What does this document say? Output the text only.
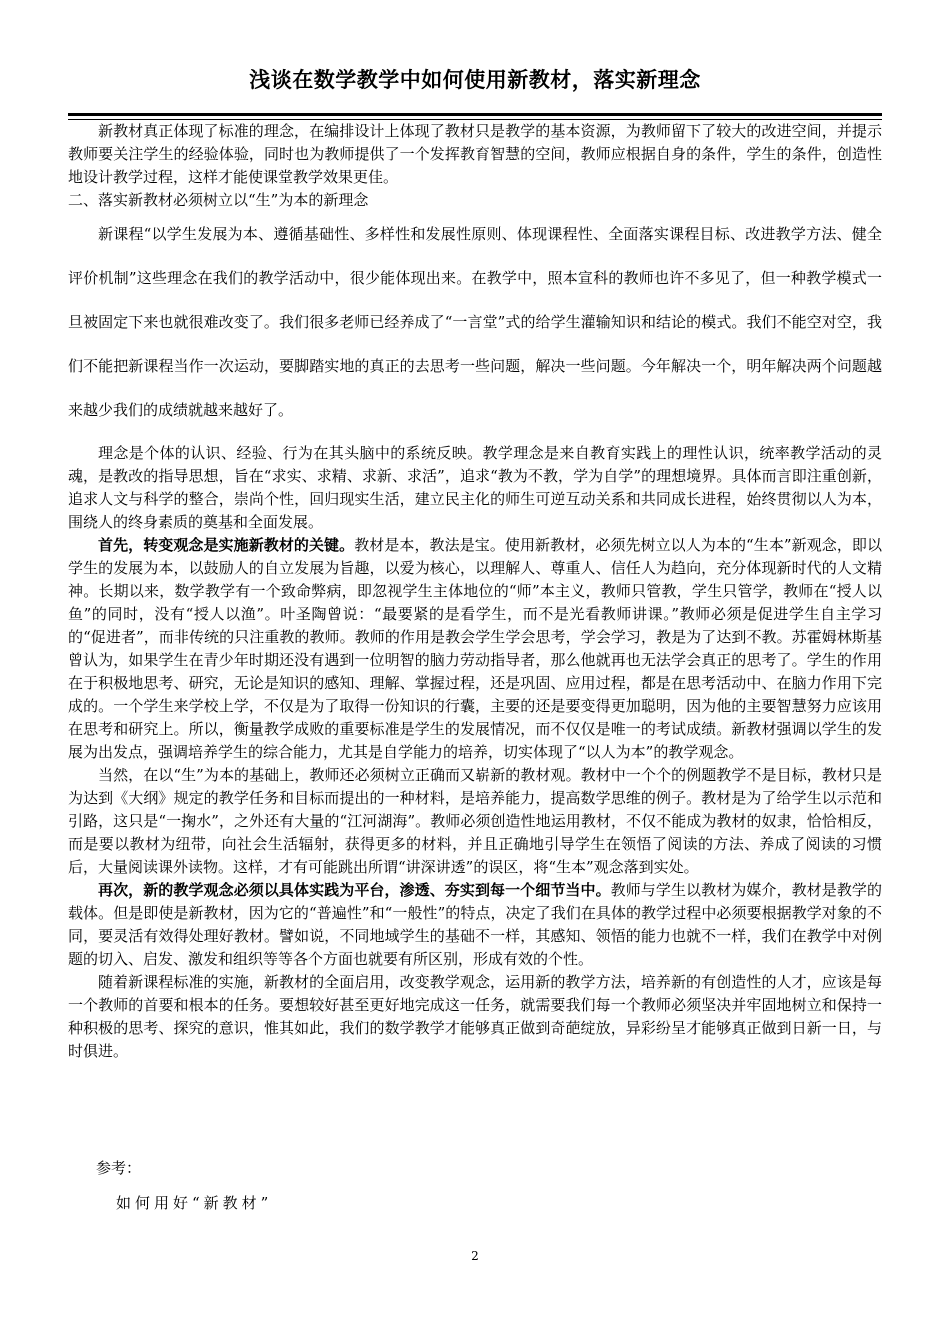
浅谈在数学教学中如何使用新教材，落实新理念

新教材真正体现了标准的理念，在编排设计上体现了教材只是教学的基本资源，为教师留下了较大的改进空间，并提示教师要关注学生的经验体验，同时也为教师提供了一个发挥教育智慧的空间，教师应根据自身的条件，学生的条件，创造性地设计教学过程，这样才能使课堂教学效果更佳。

二、落实新教材必须树立以“生”为本的新理念

新课程“以学生发展为本、遵循基础性、多样性和发展性原则、体现课程性、全面落实课程目标、改进教学方法、健全评价机制”这些理念在我们的教学活动中，很少能体现出来。在教学中，照本宣科的教师也许不多见了，但一种教学模式一旦被固定下来也就很难改变了。我们很多老师已经养成了“一言堂”式的给学生灌输知识和结论的模式。我们不能空对空，我们不能把新课程当作一次运动，要脚踏实地的真正的去思考一些问题，解决一些问题。今年解决一个，明年解决两个问题越来越少我们的成绩就越来越好了。

理念是个体的认识、经验、行为在其头脑中的系统反映。教学理念是来自教育实践上的理性认识，统率教学活动的灵魂，是教改的指导思想，旨在“求实、求精、求新、求活”，追求“教为不教，学为自学”的理想境界。具体而言即注重创新，追求人文与科学的整合，崇尚个性，回归现实生活，建立民主化的师生可逆互动关系和共同成长进程，始终贯彻以人为本，围绕人的终身素质的奠基和全面发展。

首先，转变观念是实施新教材的关键。教材是本，教法是宝。使用新教材，必须先树立以人为本的“生本”新观念，即以学生的发展为本，以鼓励人的自立发展为旨趣，以爱为核心，以理解人、尊重人、信任人为趋向，充分体现新时代的人文精神。长期以来，数学教学有一个致命弊病，即忽视学生主体地位的“师”本主义，教师只管教，学生只管学，教师在“授人以鱼”的同时，没有“授人以渔”。叶圣陶曾说：“最要紧的是看学生，而不是光看教师讲课。”教师必须是促进学生自主学习的“促进者”，而非传统的只注重教的教师。教师的作用是教会学生学会思考，学会学习，教是为了达到不教。苏霍姆林斯基曾认为，如果学生在青少年时期还没有遇到一位明智的脑力劳动指导者，那么他就再也无法学会真正的思考了。学生的作用在于积极地思考、研究，无论是知识的感知、理解、掌握过程，还是巩固、应用过程，都是在思考活动中、在脑力作用下完成的。一个学生来学校上学，不仅是为了取得一份知识的行囊，主要的还是要变得更加聪明，因为他的主要智慧努力应该用在思考和研究上。所以，衡量教学成败的重要标准是学生的发展情况，而不仅仅是唯一的考试成绩。新教材强调以学生的发展为出发点，强调培养学生的综合能力，尤其是自学能力的培养，切实体现了“以人为本”的教学观念。

当然，在以“生”为本的基础上，教师还必须树立正确而又崭新的教材观。教材中一个个的例题教学不是目标，教材只是为达到《大纲》规定的教学任务和目标而提出的一种材料，是培养能力，提高数学思维的例子。教材是为了给学生以示范和引路，这只是“一掬水”，之外还有大量的“江河湖海”。教师必须创造性地运用教材，不仅不能成为教材的奴隶，恰恰相反，而是要以教材为纽带，向社会生活辐射，获得更多的材料，并且正确地引导学生在领悟了阅读的方法、养成了阅读的习惯后，大量阅读课外读物。这样，才有可能跳出所谓“讲深讲透”的误区，将“生本”观念落到实处。

再次，新的教学观念必须以具体实践为平台，渗透、夯实到每一个细节当中。教师与学生以教材为媒介，教材是教学的载体。但是即使是新教材，因为它的“普遍性”和“一般性”的特点，决定了我们在具体的教学过程中必须要根据教学对象的不同，要灵活有效得处理好教材。譬如说，不同地域学生的基础不一样，其感知、领悟的能力也就不一样，我们在教学中对例题的切入、启发、激发和组织等等各个方面也就要有所区别，形成有效的个性。

随着新课程标准的实施，新教材的全面启用，改变教学观念，运用新的教学方法，培养新的有创造性的人才，应该是每一个教师的首要和根本的任务。要想较好甚至更好地完成这一任务，就需要我们每一个教师必须坚决并牢固地树立和保持一种积极的思考、探究的意识，惟其如此，我们的数学教学才能够真正做到奇葩绽放，异彩纷呈才能够真正做到日新一日，与时俱进。

参考：
如何用好“新教材”
2
